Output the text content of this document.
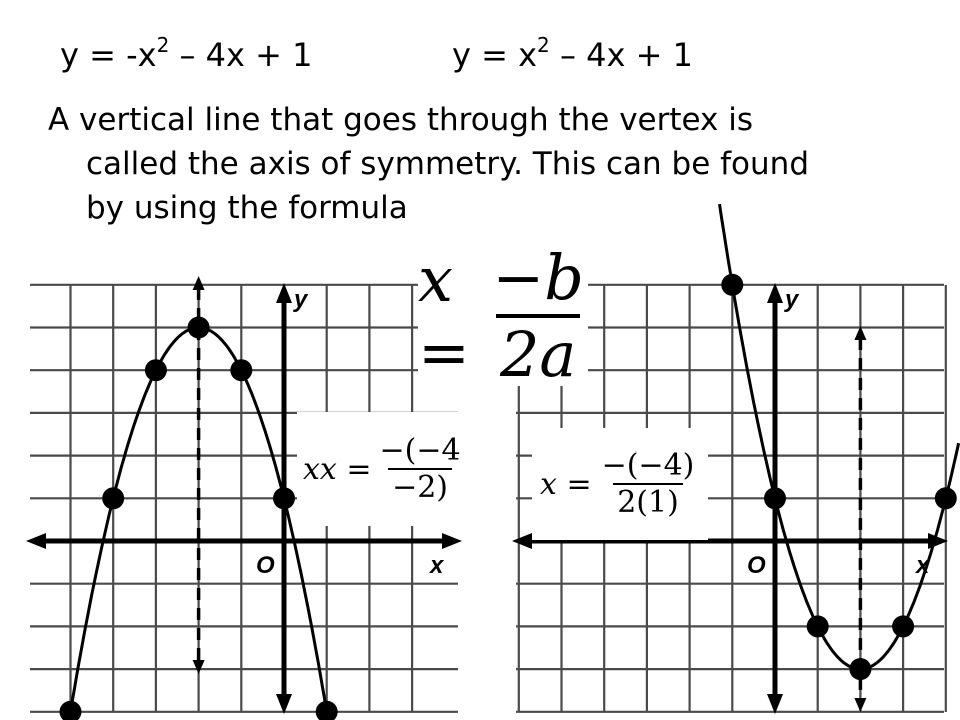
$y = -x^2 - 4x + 1$	$y = x^2 - 4x + 1$
A vertical line that goes through the vertex is
called the axis of symmetry. This can be found
by using the formula
y
x
O
y
x
O
$x = \frac{-b}{2a}$
xx = $\frac{-(-4}{-2)}$	$x = \frac{-(-4)}{2(1)}$
